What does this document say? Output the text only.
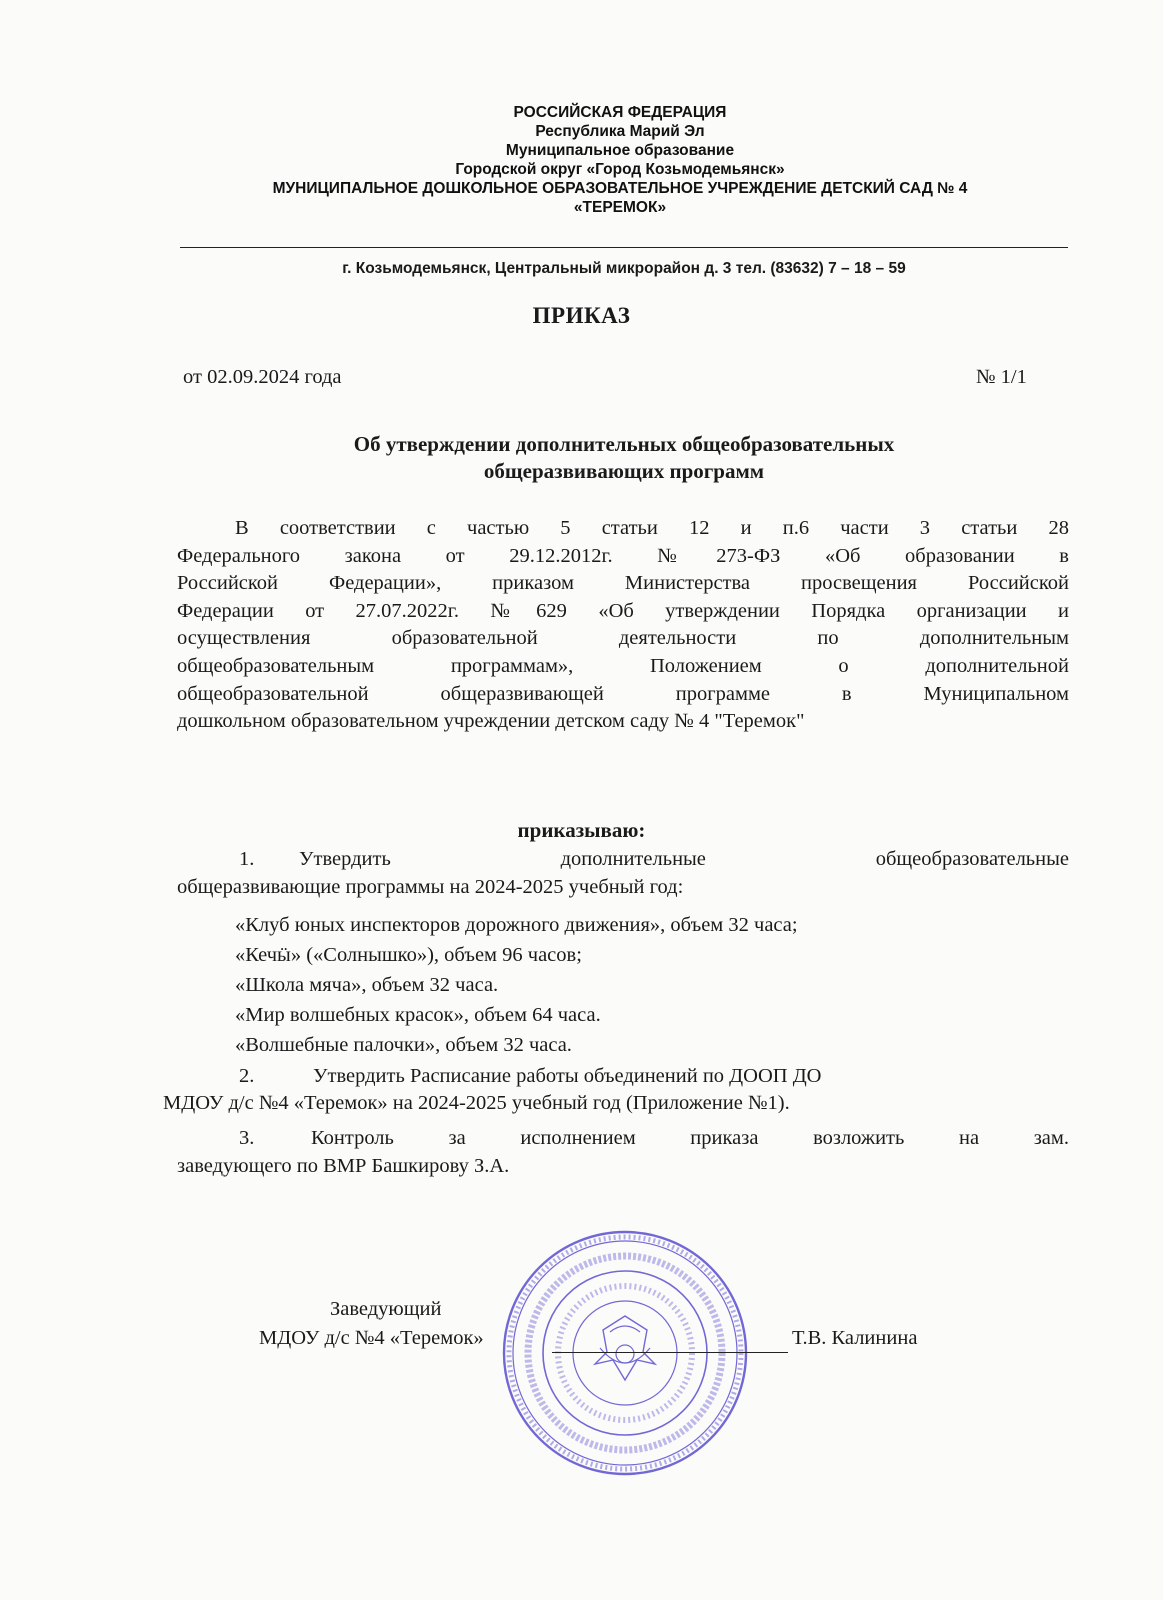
РОССИЙСКАЯ ФЕДЕРАЦИЯ
Республика Марий Эл
Муниципальное образование
Городской округ «Город Козьмодемьянск»
МУНИЦИПАЛЬНОЕ ДОШКОЛЬНОЕ ОБРАЗОВАТЕЛЬНОЕ УЧРЕЖДЕНИЕ ДЕТСКИЙ САД № 4
«ТЕРЕМОК»
г. Козьмодемьянск, Центральный микрорайон д. 3 тел. (83632) 7 – 18 – 59
ПРИКАЗ
от 02.09.2024 года	№ 1/1
Об утверждении дополнительных общеобразовательных
общеразвивающих программ
В соответствии с частью 5 статьи 12 и п.6 части 3 статьи 28
Федерального закона от 29.12.2012г. №273-ФЗ «Об образовании в
Российской Федерации», приказом Министерства просвещения Российской
Федерации от 27.07.2022г. №629 «Об утверждении Порядка организации и
осуществления образовательной деятельности по дополнительным
общеобразовательным программам», Положением о дополнительной
общеобразовательной общеразвивающей программе в Муниципальном
дошкольном образовательном учреждении детском саду № 4 "Теремок"
приказываю:
1. Утвердить дополнительные общеобразовательные
общеразвивающие программы на 2024-2025 учебный год:
«Клуб юных инспекторов дорожного движения», объем 32 часа;
«Кечӹ» («Солнышко»), объем 96 часов;
«Школа мяча», объем 32 часа.
«Мир волшебных красок», объем 64 часа.
«Волшебные палочки», объем 32 часа.
2.	Утвердить Расписание работы объединений по ДООП ДО
МДОУ д/с №4 «Теремок» на 2024-2025 учебный год (Приложение №1).
3.	Контроль за исполнением приказа возложить на зам.
заведующего по ВМР Башкирову З.А.
Заведующий
МДОУ д/с №4 «Теремок»	Т.В. Калинина
